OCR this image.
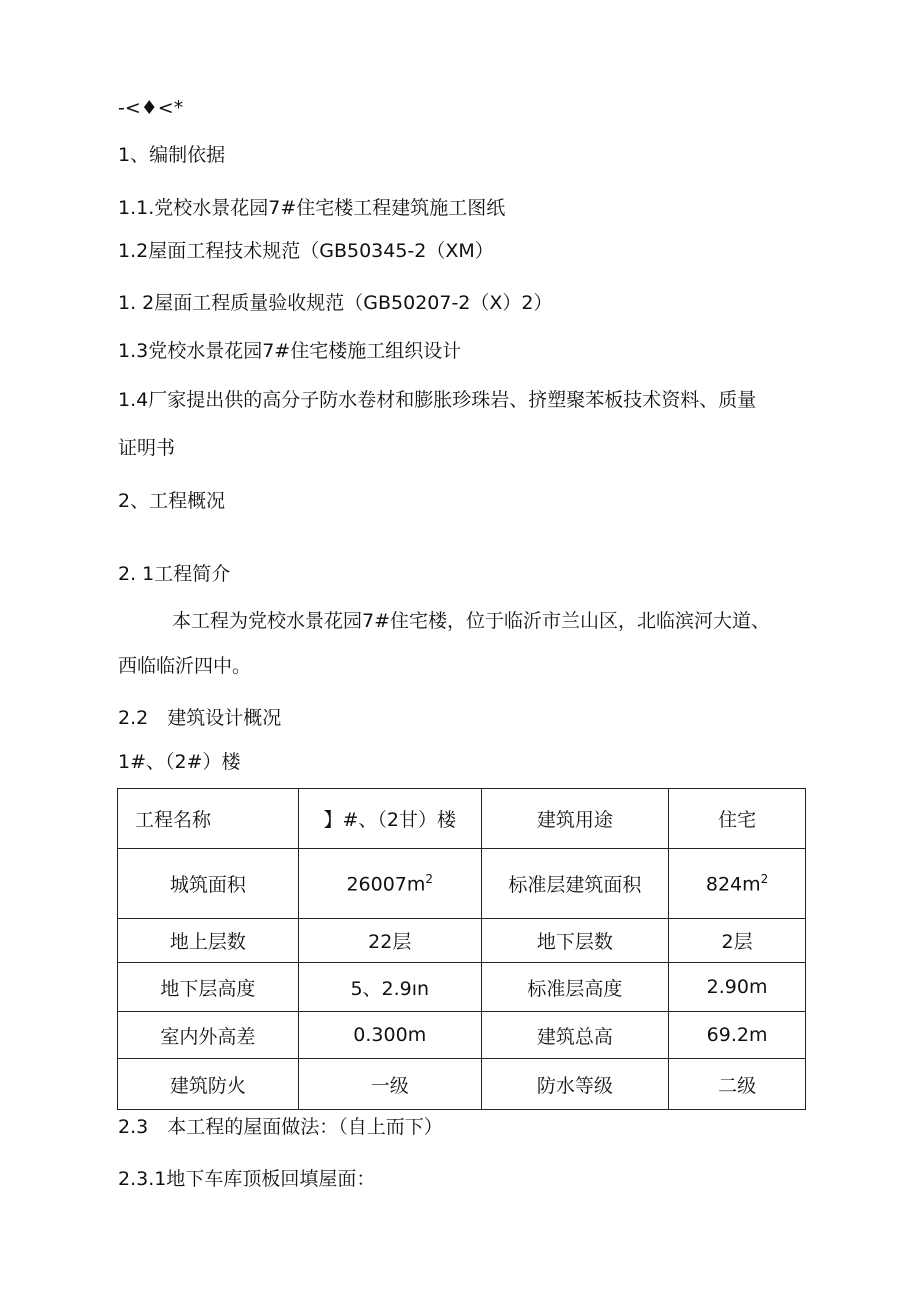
-<♦<*
1、编制依据
1.1.党校水景花园7#住宅楼工程建筑施工图纸
1.2屋面工程技术规范（GB50345-2（XM）
1. 2屋面工程质量验收规范（GB50207-2（X）2）
1.3党校水景花园7#住宅楼施工组织设计
1.4厂家提出供的高分子防水卷材和膨胀珍珠岩、挤塑聚苯板技术资料、质量
证明书
2、工程概况
2. 1工程简介
本工程为党校水景花园7#住宅楼，位于临沂市兰山区，北临滨河大道、
西临临沂四中。
2.2　建筑设计概况
1#、（2#）楼
工程名称	】#、（2甘）楼	建筑用途	住宅
城筑面积	$26007m^2$	标准层建筑面积	$824m^2$
地上层数	22层	地下层数	2层
地下层高度	5、2.9ın	标准层高度	2.90m
室内外高差	0.300m	建筑总高	69.2m
建筑防火	一级	防水等级	二级
2.3　本工程的屋面做法：（自上而下）
2.3.1地下车库顶板回填屋面：
